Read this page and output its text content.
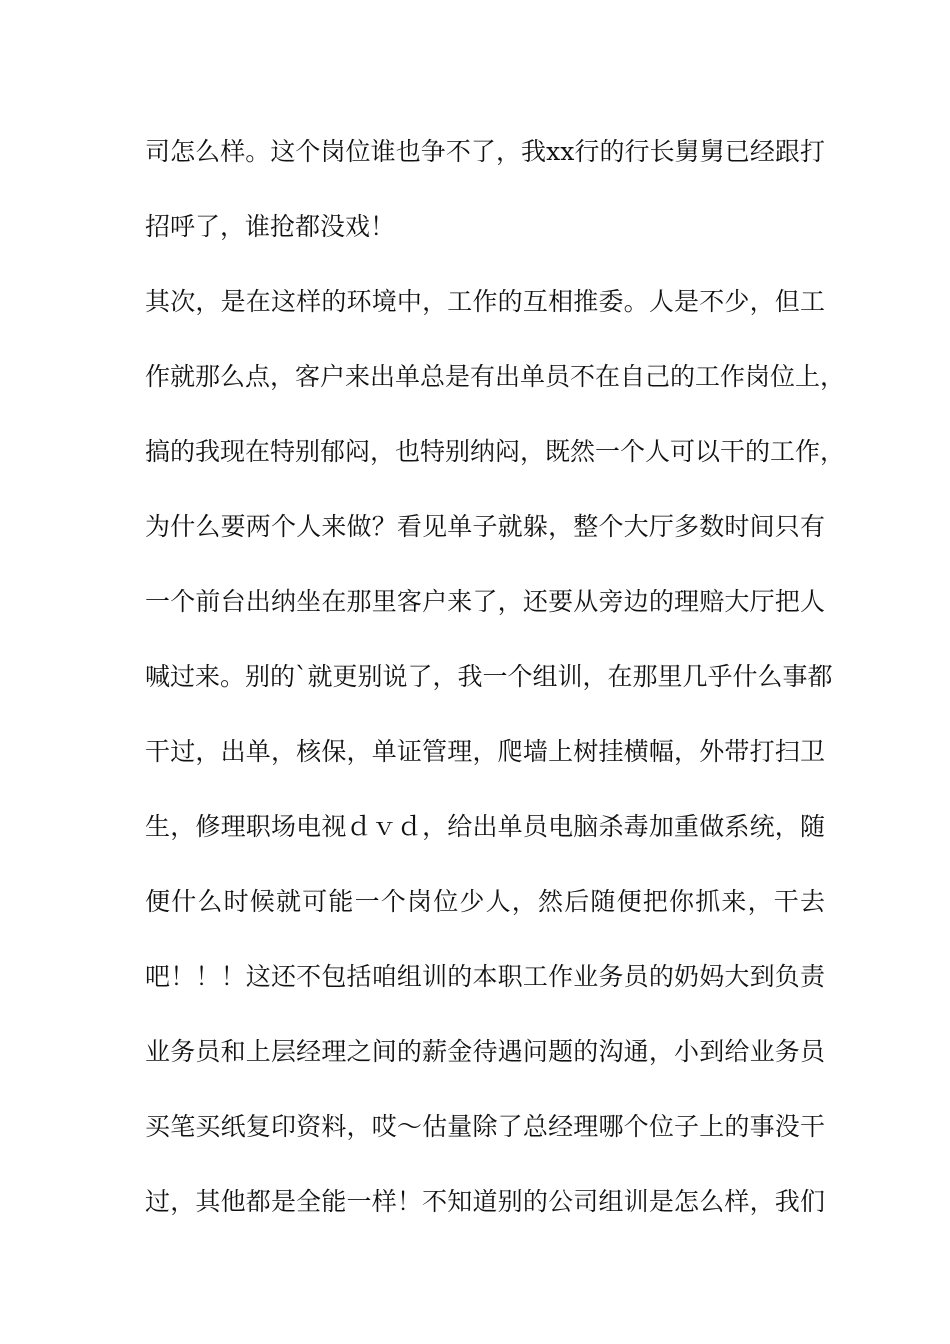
司怎么样。这个岗位谁也争不了，我xx行的行长舅舅已经跟打
招呼了，谁抢都没戏！
其次，是在这样的环境中，工作的互相推委。人是不少，但工
作就那么点，客户来出单总是有出单员不在自己的工作岗位上，
搞的我现在特别郁闷，也特别纳闷，既然一个人可以干的工作，
为什么要两个人来做？看见单子就躲，整个大厅多数时间只有
一个前台出纳坐在那里客户来了，还要从旁边的理赔大厅把人
喊过来。别的`就更别说了，我一个组训，在那里几乎什么事都
干过，出单，核保，单证管理，爬墙上树挂横幅，外带打扫卫
生，修理职场电视ｄｖｄ，给出单员电脑杀毒加重做系统，随
便什么时候就可能一个岗位少人，然后随便把你抓来，干去
吧！！！这还不包括咱组训的本职工作业务员的奶妈大到负责
业务员和上层经理之间的薪金待遇问题的沟通，小到给业务员
买笔买纸复印资料，哎～估量除了总经理哪个位子上的事没干
过，其他都是全能一样！不知道别的公司组训是怎么样，我们
